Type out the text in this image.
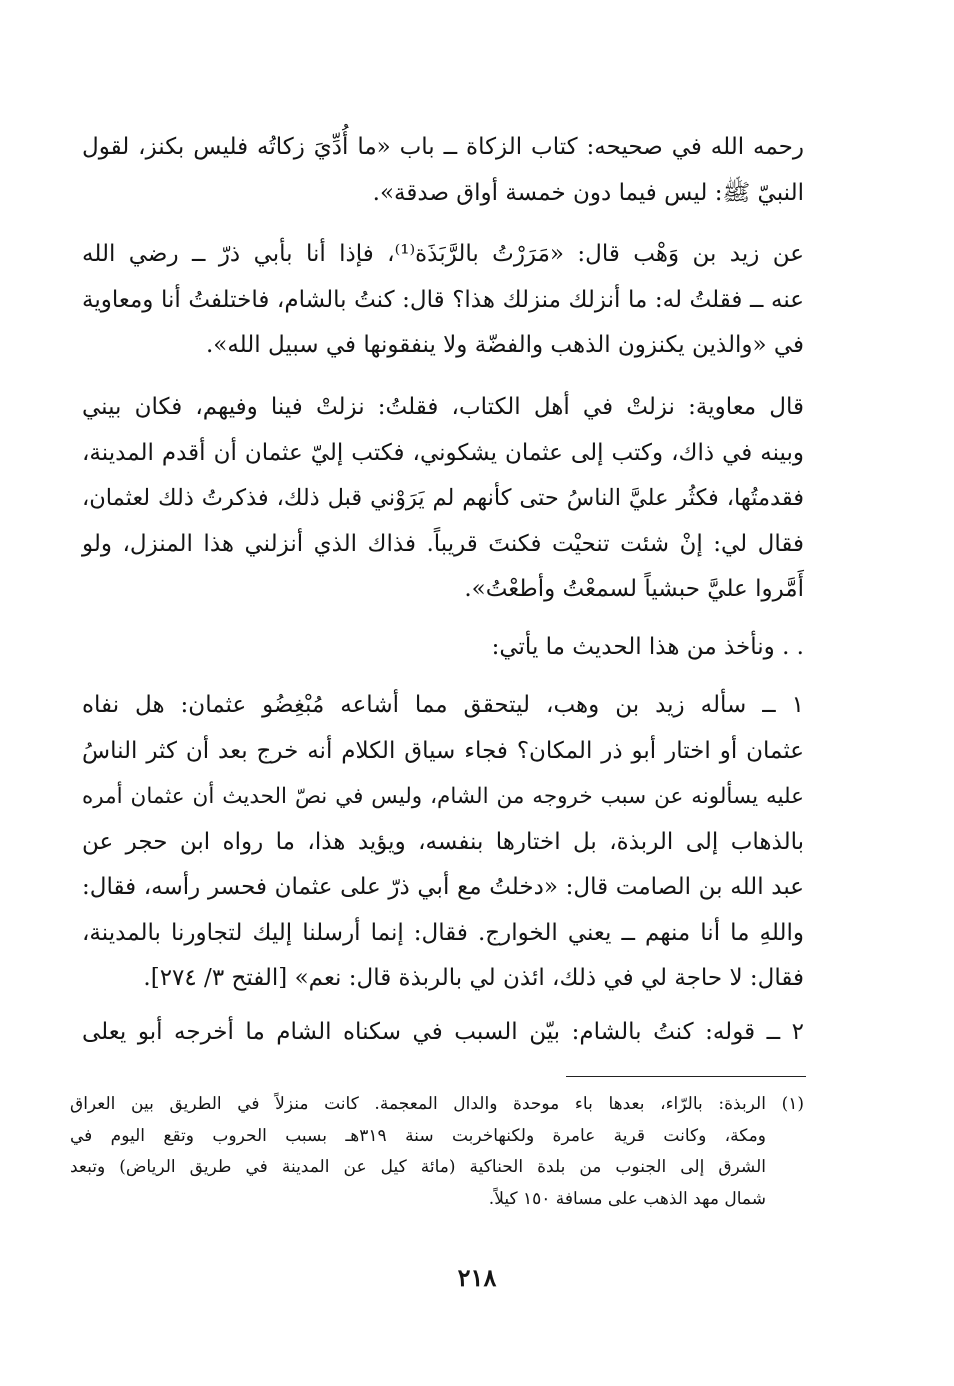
رحمه الله في صحيحه: كتاب الزكاة ــ باب «ما أُدِّيَ زكاتُه فليس بكنز، لقول
النبيّ ﷺ: ليس فيما دون خمسة أواق صدقة».

عن زيد بن وَهْب قال: «مَرَرْتُ بالرَّبَذَة⁽¹⁾، فإذا أنا بأبي ذرّ ــ رضي الله
عنه ــ فقلتُ له: ما أنزلك منزلك هذا؟ قال: كنتُ بالشام، فاختلفتُ أنا ومعاوية
في «والذين يكنزون الذهب والفضّة ولا ينفقونها في سبيل الله».

قال معاوية: نزلتْ في أهل الكتاب، فقلتُ: نزلتْ فينا وفيهم، فكان بيني
وبينه في ذاك، وكتب إلى عثمان يشكوني، فكتب إليّ عثمان أن أقدم المدينة،
فقدمتُها، فكثُر عليَّ الناسُ حتى كأنهم لم يَرَوْني قبل ذلك، فذكرتُ ذلك لعثمان،
فقال لي: إنْ شئت تنحيْت فكنتَ قريباً. فذاك الذي أنزلني هذا المنزل، ولو
أَمَّروا عليَّ حبشياً لسمعْتُ وأطعْتُ».

. . ونأخذ من هذا الحديث ما يأتي:

١ ــ سأله زيد بن وهب، ليتحقق مما أشاعه مُبْغِضُو عثمان: هل نفاه
عثمان أو اختار أبو ذر المكان؟ فجاء سياق الكلام أنه خرج بعد أن كثر الناسُ
عليه يسألونه عن سبب خروجه من الشام، وليس في نصّ الحديث أن عثمان أمره
بالذهاب إلى الربذة، بل اختارها بنفسه، ويؤيد هذا، ما رواه ابن حجر عن
عبد الله بن الصامت قال: «دخلتُ مع أبي ذرّ على عثمان فحسر رأسه، فقال:
واللهِ ما أنا منهم ــ يعني الخوارج. فقال: إنما أرسلنا إليك لتجاورنا بالمدينة،
فقال: لا حاجة لي في ذلك، ائذن لي بالربذة قال: نعم» [الفتح ٣/ ٢٧٤].

٢ ــ قوله: كنتُ بالشام: بيّن السبب في سكناه الشام ما أخرجه أبو يعلى

(١) الربذة: بالرّاء، بعدها باء موحدة والدال المعجمة. كانت منزلاً في الطريق بين العراق
ومكة، وكانت قرية عامرة ولكنهاخربت سنة ٣١٩هـ بسبب الحروب وتقع اليوم في
الشرق إلى الجنوب من بلدة الحناكية (مائة كيل عن المدينة في طريق الرياض) وتبعد
شمال مهد الذهب على مسافة ١٥٠ كيلاً.

٢١٨
